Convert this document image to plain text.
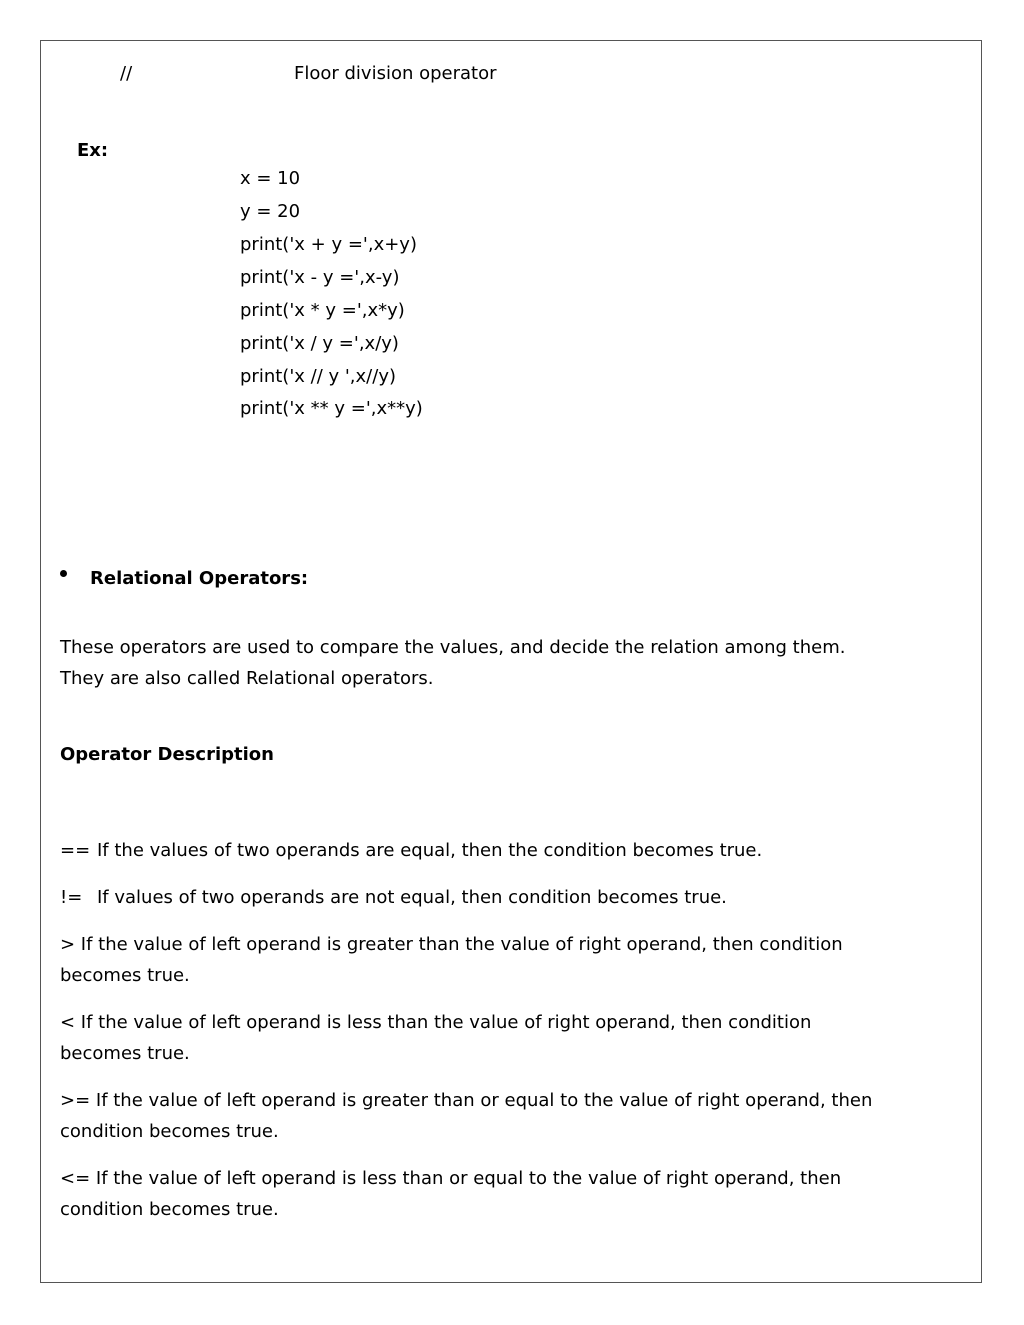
//	Floor division operator
Ex:
x = 10
y = 20
print('x + y =',x+y)
print('x - y =',x-y)
print('x * y =',x*y)
print('x / y =',x/y)
print('x // y ',x//y)
print('x ** y =',x**y)
Relational Operators:
These operators are used to compare the values, and decide the relation among them.
They are also called Relational operators.
Operator Description
== If the values of two operands are equal, then the condition becomes true.
!= If values of two operands are not equal, then condition becomes true.
> If the value of left operand is greater than the value of right operand, then condition
becomes true.
< If the value of left operand is less than the value of right operand, then condition
becomes true.
>= If the value of left operand is greater than or equal to the value of right operand, then
condition becomes true.
<= If the value of left operand is less than or equal to the value of right operand, then
condition becomes true.
